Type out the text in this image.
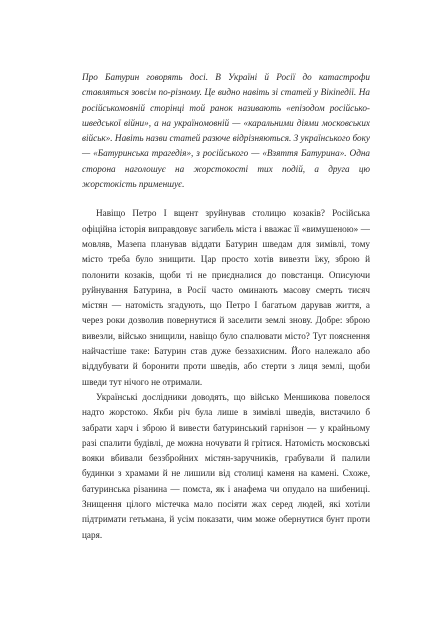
Про Батурин говорять досі. В Україні й Росії до катастрофи ставляться зовсім по-різному. Це видно навіть зі статей у Вікіпедії. На російськомовній сторінці той ранок називають «епізодом російсько-шведської війни», а на україномовній — «каральними діями московських військ». Навіть назви статей разюче відрізняються. З українського боку — «Батуринська трагедія», з російського — «Взяття Батурина». Одна сторона наголошує на жорстокості тих подій, а друга цю жорстокість применшує.

Навіщо Петро І вщент зруйнував столицю козаків? Російська офіційна історія виправдовує загибель міста і вважає її «вимушеною» — мовляв, Мазепа планував віддати Батурин шведам для зимівлі, тому місто треба було знищити. Цар просто хотів вивезти їжу, зброю й полонити козаків, щоби ті не приєдналися до повстанця. Описуючи руйнування Батурина, в Росії часто оминають масову смерть тисяч містян — натомість згадують, що Петро І багатьом дарував життя, а через роки дозволив повернутися й заселити землі знову. Добре: зброю вивезли, військо знищили, навіщо було спалювати місто? Тут пояснення найчастіше таке: Батурин став дуже беззахисним. Його належало або віддубувати й боронити проти шведів, або стерти з лиця землі, щоби шведи тут нічого не отримали.

Українські дослідники доводять, що військо Меншикова повелося надто жорстоко. Якби річ була лише в зимівлі шведів, вистачило б забрати харч і зброю й вивести батуринський гарнізон — у крайньому разі спалити будівлі, де можна ночувати й грітися. Натомість московські вояки вбивали беззбройних містян-заручників, грабували й палили будинки з храмами й не лишили від столиці каменя на камені. Схоже, батуринська різанина — помста, як і анафема чи опудало на шибениці. Знищення цілого містечка мало посіяти жах серед людей, які хотіли підтримати гетьмана, й усім показати, чим може обернутися бунт проти царя.
